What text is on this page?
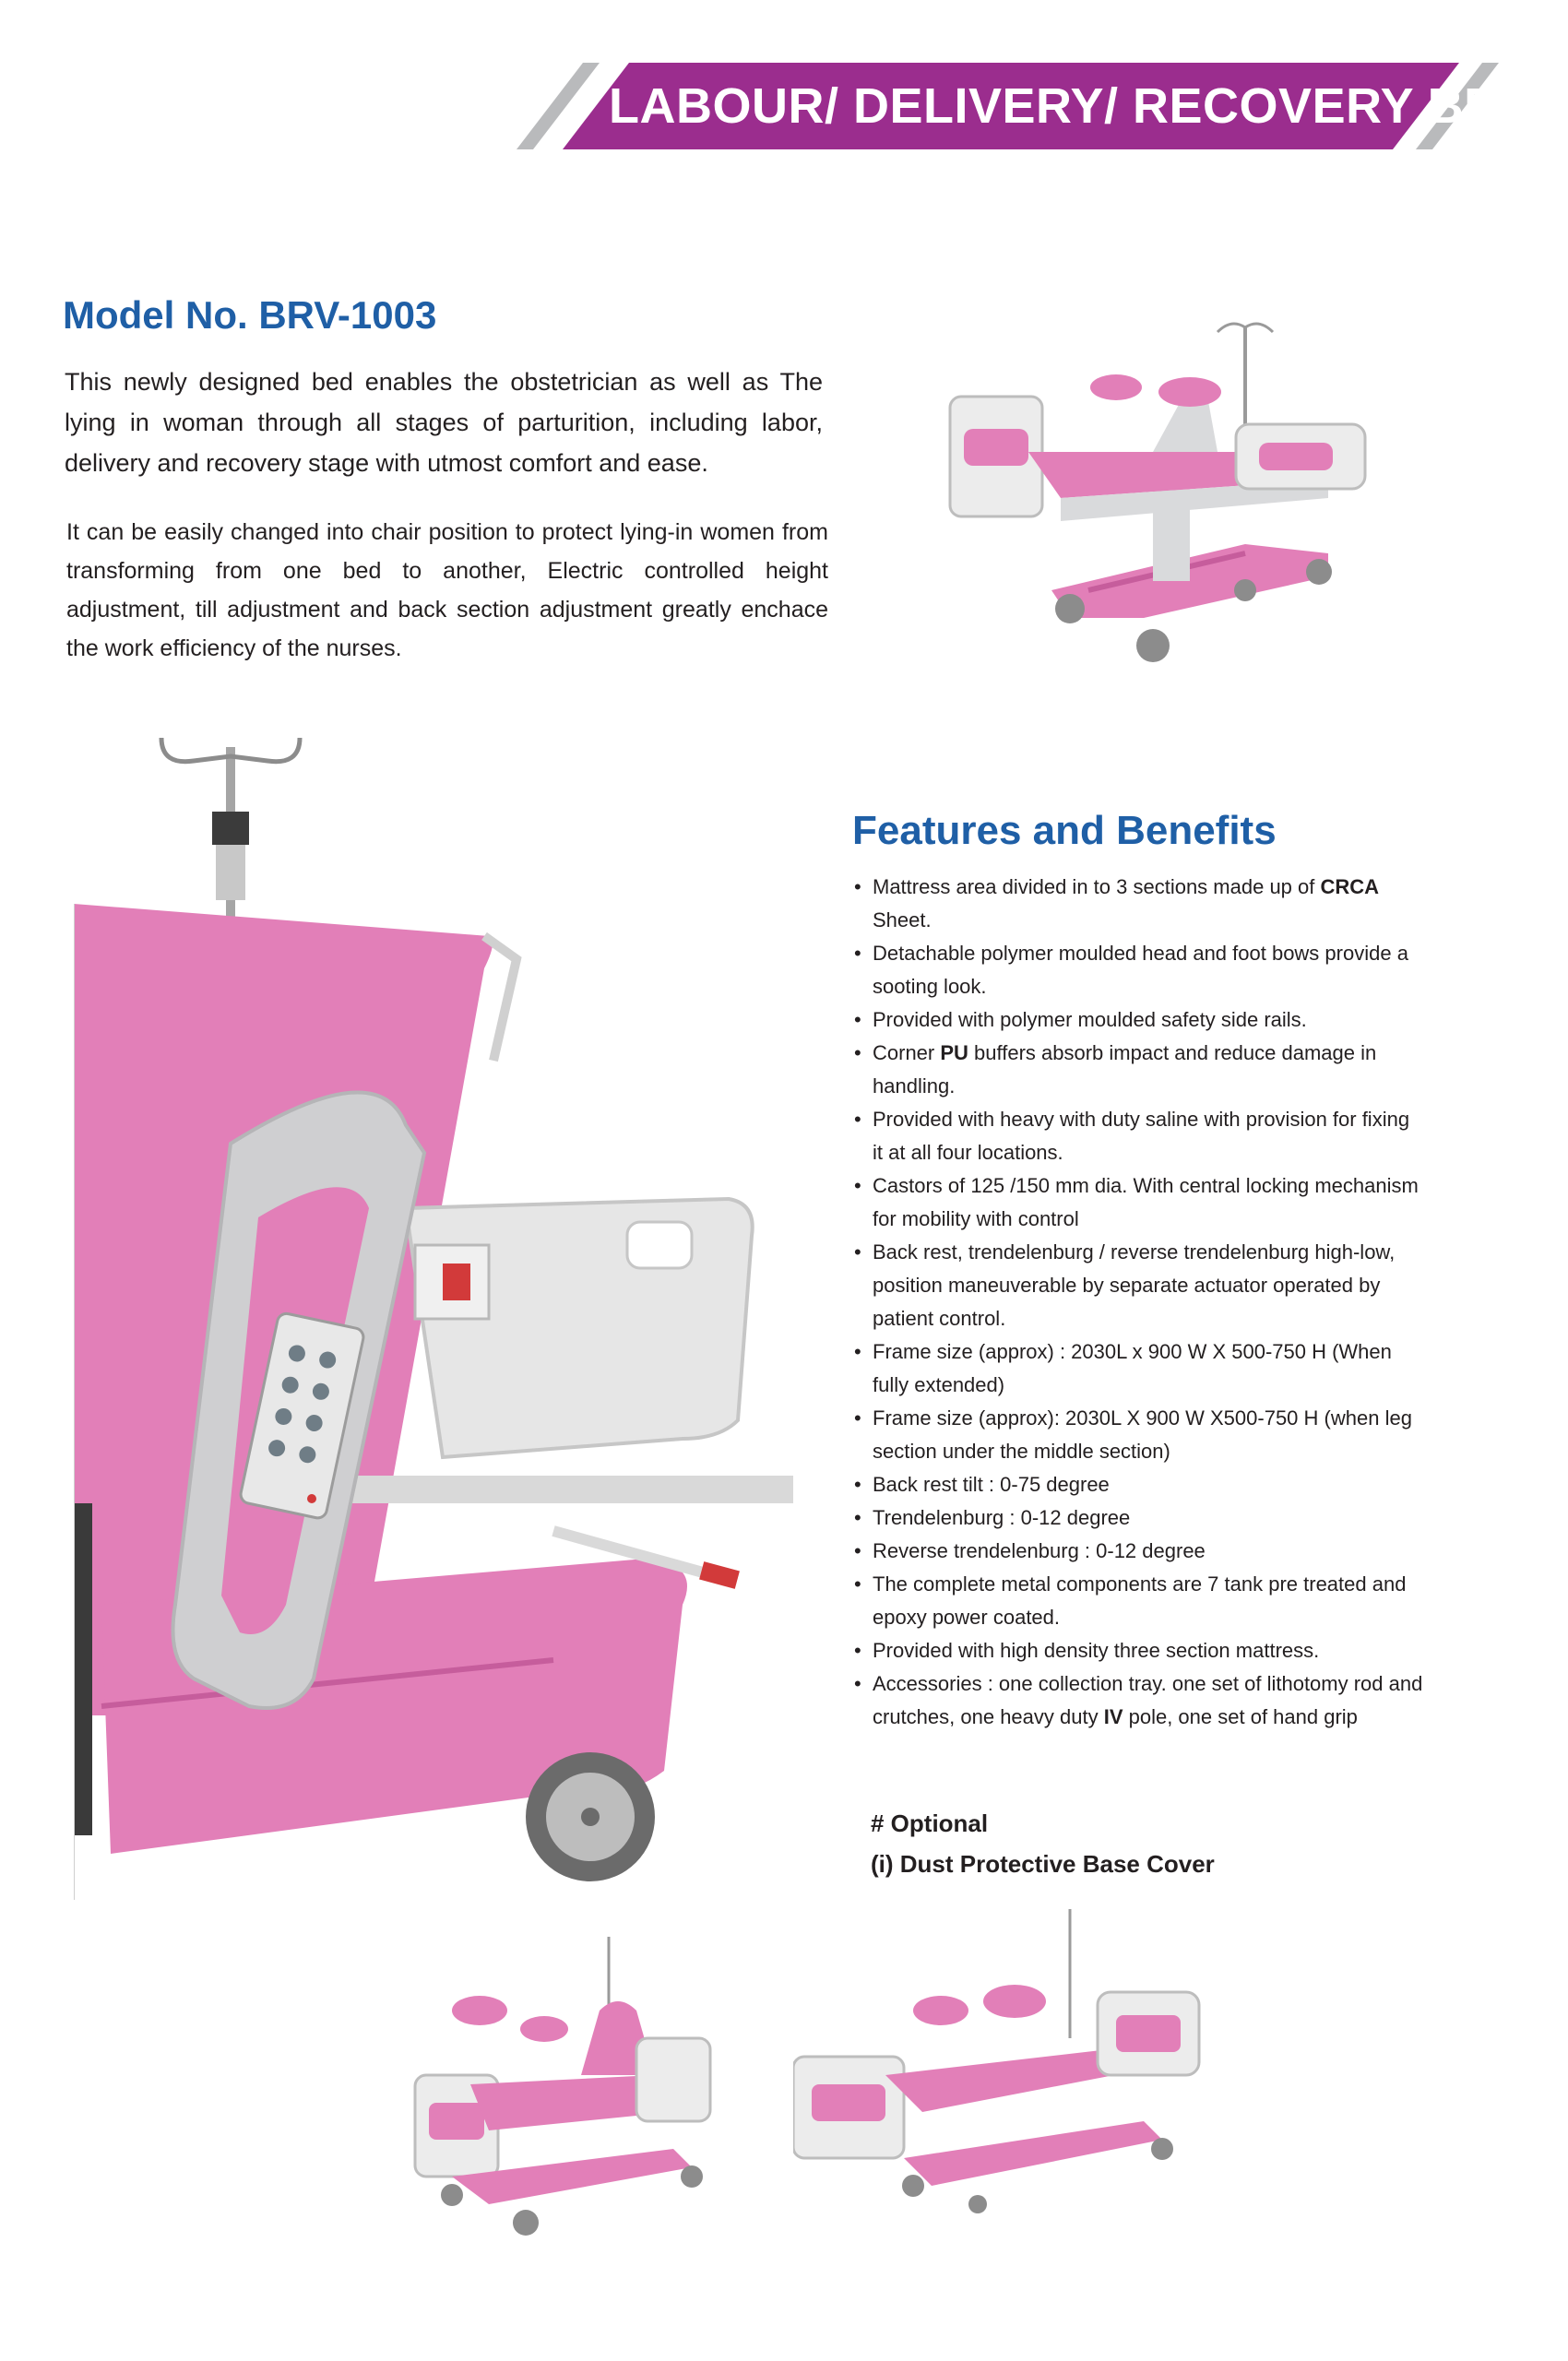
LABOUR/ DELIVERY/ RECOVERY BED
Model No. BRV-1003
This newly designed bed enables the obstetrician as well as The lying in woman through all stages of parturition, including labor, delivery and recovery stage with utmost comfort and ease.
It can be easily changed into chair position to protect lying-in women from transforming from one bed to another, Electric controlled height adjustment, till adjustment and back section adjustment greatly enchace the work efficiency of the nurses.
Features and Benefits
• Mattress area divided in to 3 sections made up of CRCA Sheet.
• Detachable polymer moulded head and foot bows provide a sooting look.
• Provided with polymer moulded safety side rails.
• Corner PU buffers absorb impact and reduce damage in handling.
• Provided with heavy with duty saline with provision for fixing it at all four locations.
• Castors of 125 /150 mm dia. With central locking mechanism for mobility with control
• Back rest, trendelenburg / reverse trendelenburg high-low, position maneuverable by separate actuator operated by patient control.
• Frame size (approx) : 2030L x 900 W X 500-750 H (When fully extended)
• Frame size (approx): 2030L X 900 W X500-750 H (when leg section under the middle section)
• Back rest tilt : 0-75 degree
• Trendelenburg : 0-12 degree
• Reverse trendelenburg : 0-12 degree
• The complete metal components are 7 tank pre treated and epoxy power coated.
• Provided with high density three section mattress.
• Accessories : one collection tray. one set of lithotomy rod and crutches, one heavy duty IV pole, one set of hand grip
# Optional
(i) Dust Protective Base Cover
